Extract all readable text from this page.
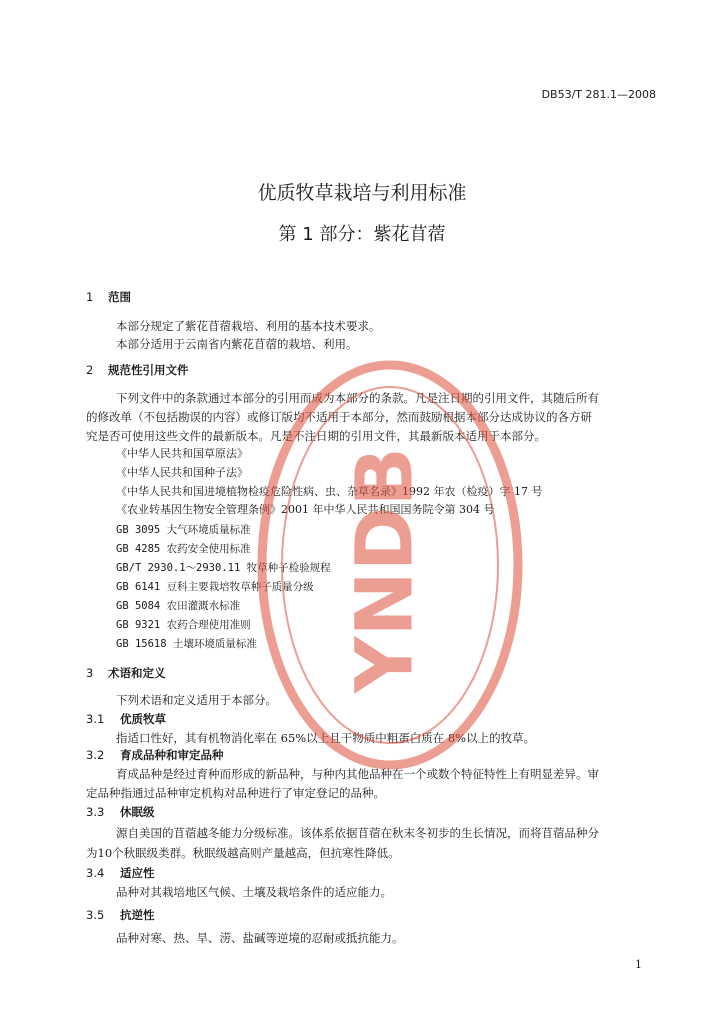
DB53/T 281.1—2008
优质牧草栽培与利用标准
第 1 部分：紫花苜蓿
1 范围
本部分规定了紫花苜蓿栽培、利用的基本技术要求。
本部分适用于云南省内紫花苜蓿的栽培、利用。
2 规范性引用文件
下列文件中的条款通过本部分的引用而成为本部分的条款。凡是注日期的引用文件，其随后所有
的修改单（不包括勘误的内容）或修订版均不适用于本部分，然而鼓励根据本部分达成协议的各方研
究是否可使用这些文件的最新版本。凡是不注日期的引用文件，其最新版本适用于本部分。
《中华人民共和国草原法》
《中华人民共和国种子法》
《中华人民共和国进境植物检疫危险性病、虫、杂草名录》1992 年农（检疫）字 17 号
《农业转基因生物安全管理条例》2001 年中华人民共和国国务院令第 304 号
GB 3095 大气环境质量标准
GB 4285 农药安全使用标准
GB/T 2930.1～2930.11 牧草种子检验规程
GB 6141 豆科主要栽培牧草种子质量分级
GB 5084 农田灌溉水标准
GB 9321 农药合理使用准则
GB 15618 土壤环境质量标准
3 术语和定义
下列术语和定义适用于本部分。
3.1 优质牧草
指适口性好，其有机物消化率在 65%以上且干物质中粗蛋白质在 8%以上的牧草。
3.2 育成品种和审定品种
育成品种是经过育种而形成的新品种，与种内其他品种在一个或数个特征特性上有明显差异。审
定品种指通过品种审定机构对品种进行了审定登记的品种。
3.3 休眠级
源自美国的苜蓿越冬能力分级标准。该体系依据苜蓿在秋末冬初步的生长情况，而将苜蓿品种分
为10个秋眠级类群。秋眠级越高则产量越高，但抗寒性降低。
3.4 适应性
品种对其栽培地区气候、土壤及栽培条件的适应能力。
3.5 抗逆性
品种对寒、热、旱、涝、盐碱等逆境的忍耐或抵抗能力。
YNDB
1
